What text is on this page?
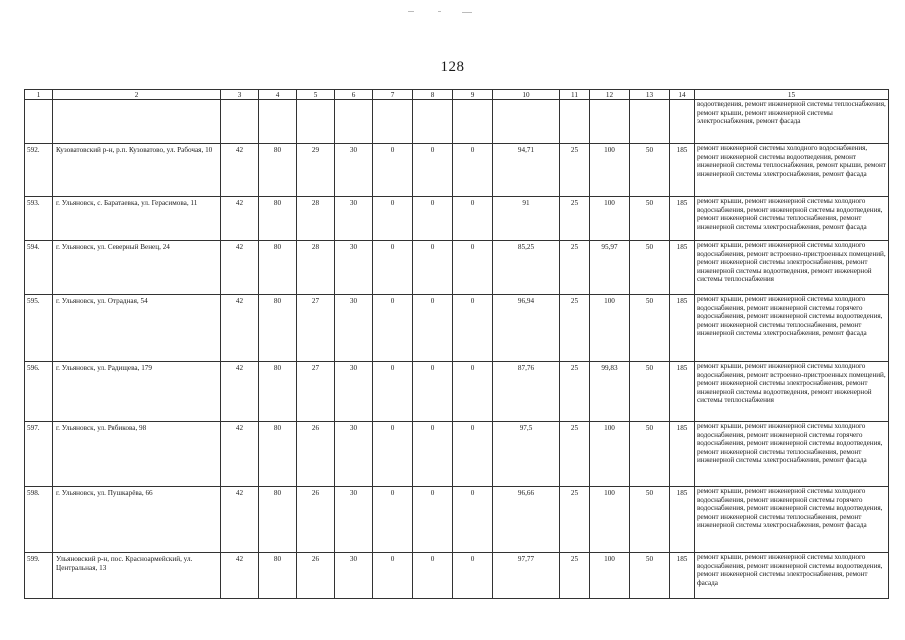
128
1	2	3	4	5	6	7	8	9	10	11	12	13	14	15
														водоотведения, ремонт инженерной системы теплоснабжения, ремонт крыши, ремонт инженерной системы электроснабжения, ремонт фасада
592.	Кузоватовский р-н, р.п. Кузоватово, ул. Рабочая, 10	42	80	29	30	0	0	0	94,71	25	100	50	185	ремонт инженерной системы холодного водоснабжения, ремонт инженерной системы водоотведения, ремонт инженерной системы теплоснабжения, ремонт крыши, ремонт инженерной системы электроснабжения, ремонт фасада
593.	г. Ульяновск, с. Баратаевка, ул. Герасимова, 11	42	80	28	30	0	0	0	91	25	100	50	185	ремонт крыши, ремонт инженерной системы холодного водоснабжения, ремонт инженерной системы водоотведения, ремонт инженерной системы теплоснабжения, ремонт инженерной системы электроснабжения, ремонт фасада
594.	г. Ульяновск, ул. Северный Венец, 24	42	80	28	30	0	0	0	85,25	25	95,97	50	185	ремонт крыши, ремонт инженерной системы холодного водоснабжения, ремонт встроенно-пристроенных помещений, ремонт инженерной системы электроснабжения, ремонт инженерной системы водоотведения, ремонт инженерной системы теплоснабжения
595.	г. Ульяновск, ул. Отрадная, 54	42	80	27	30	0	0	0	96,94	25	100	50	185	ремонт крыши, ремонт инженерной системы холодного водоснабжения, ремонт инженерной системы горячего водоснабжения, ремонт инженерной системы водоотведения, ремонт инженерной системы теплоснабжения, ремонт инженерной системы электроснабжения, ремонт фасада
596.	г. Ульяновск, ул. Радищева, 179	42	80	27	30	0	0	0	87,76	25	99,83	50	185	ремонт крыши, ремонт инженерной системы холодного водоснабжения, ремонт встроенно-пристроенных помещений, ремонт инженерной системы электроснабжения, ремонт инженерной системы водоотведения, ремонт инженерной системы теплоснабжения
597.	г. Ульяновск, ул. Рябикова, 98	42	80	26	30	0	0	0	97,5	25	100	50	185	ремонт крыши, ремонт инженерной системы холодного водоснабжения, ремонт инженерной системы горячего водоснабжения, ремонт инженерной системы водоотведения, ремонт инженерной системы теплоснабжения, ремонт инженерной системы электроснабжения, ремонт фасада
598.	г. Ульяновск, ул. Пушкарёва, 66	42	80	26	30	0	0	0	96,66	25	100	50	185	ремонт крыши, ремонт инженерной системы холодного водоснабжения, ремонт инженерной системы горячего водоснабжения, ремонт инженерной системы водоотведения, ремонт инженерной системы теплоснабжения, ремонт инженерной системы электроснабжения, ремонт фасада
599.	Ульяновский р-н, пос. Красноармейский, ул. Центральная, 13	42	80	26	30	0	0	0	97,77	25	100	50	185	ремонт крыши, ремонт инженерной системы холодного водоснабжения, ремонт инженерной системы водоотведения, ремонт инженерной системы электроснабжения, ремонт фасада
